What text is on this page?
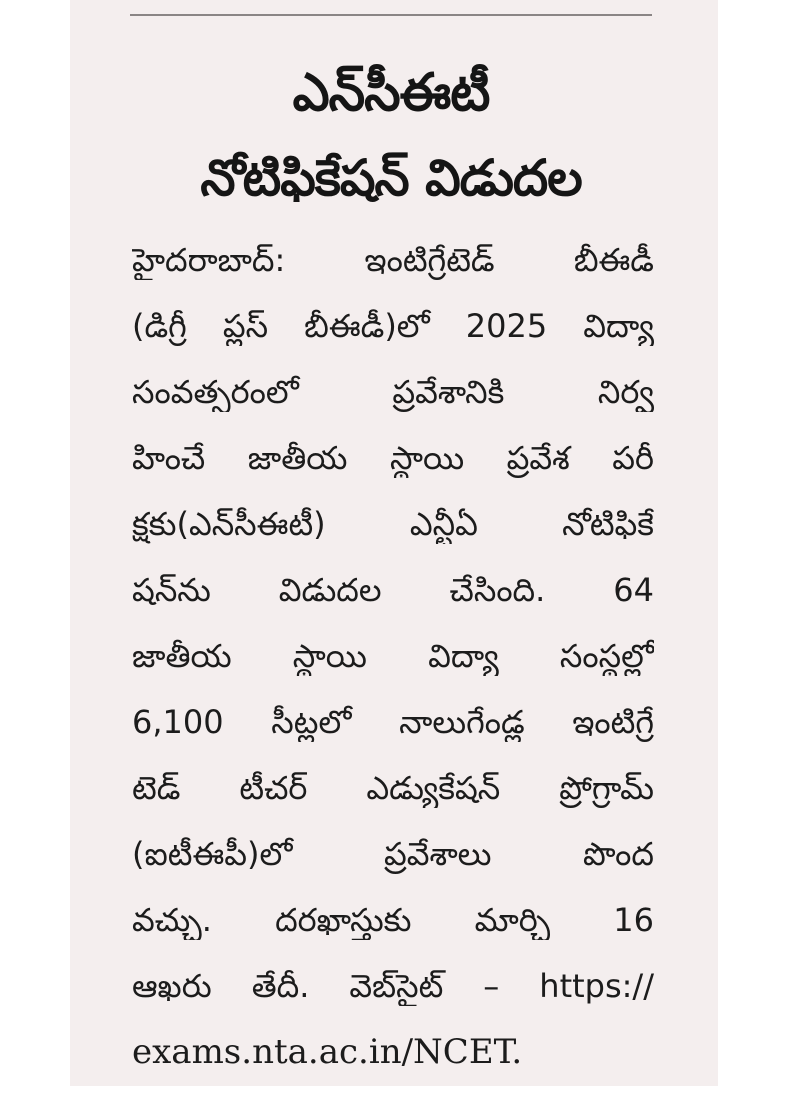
ఎన్‌సీఈటీ
నోటిఫికేషన్ విడుదల

హైదరాబాద్: ఇంటిగ్రేటెడ్ బీఈడీ

(డిగ్రీ ప్లస్ బీఈడీ)లో 2025 విద్యా

సంవత్సరంలో ప్రవేశానికి నిర్వ

హించే జాతీయ స్థాయి ప్రవేశ పరీ

క్షకు(ఎన్‌సీఈటీ) ఎన్టీఏ నోటిఫికే

షన్‌ను విడుదల చేసింది. 64

జాతీయ స్థాయి విద్యా సంస్థల్లో

6,100 సీట్లలో నాలుగేండ్ల ఇంటిగ్రే

టెడ్ టీచర్ ఎడ్యుకేషన్ ప్రోగ్రామ్

(ఐటీఈపీ)లో ప్రవేశాలు పొంద

వచ్చు. దరఖాస్తుకు మార్చి 16

ఆఖరు తేదీ. వెబ్‌సైట్ – https://

exams.nta.ac.in/NCET.
